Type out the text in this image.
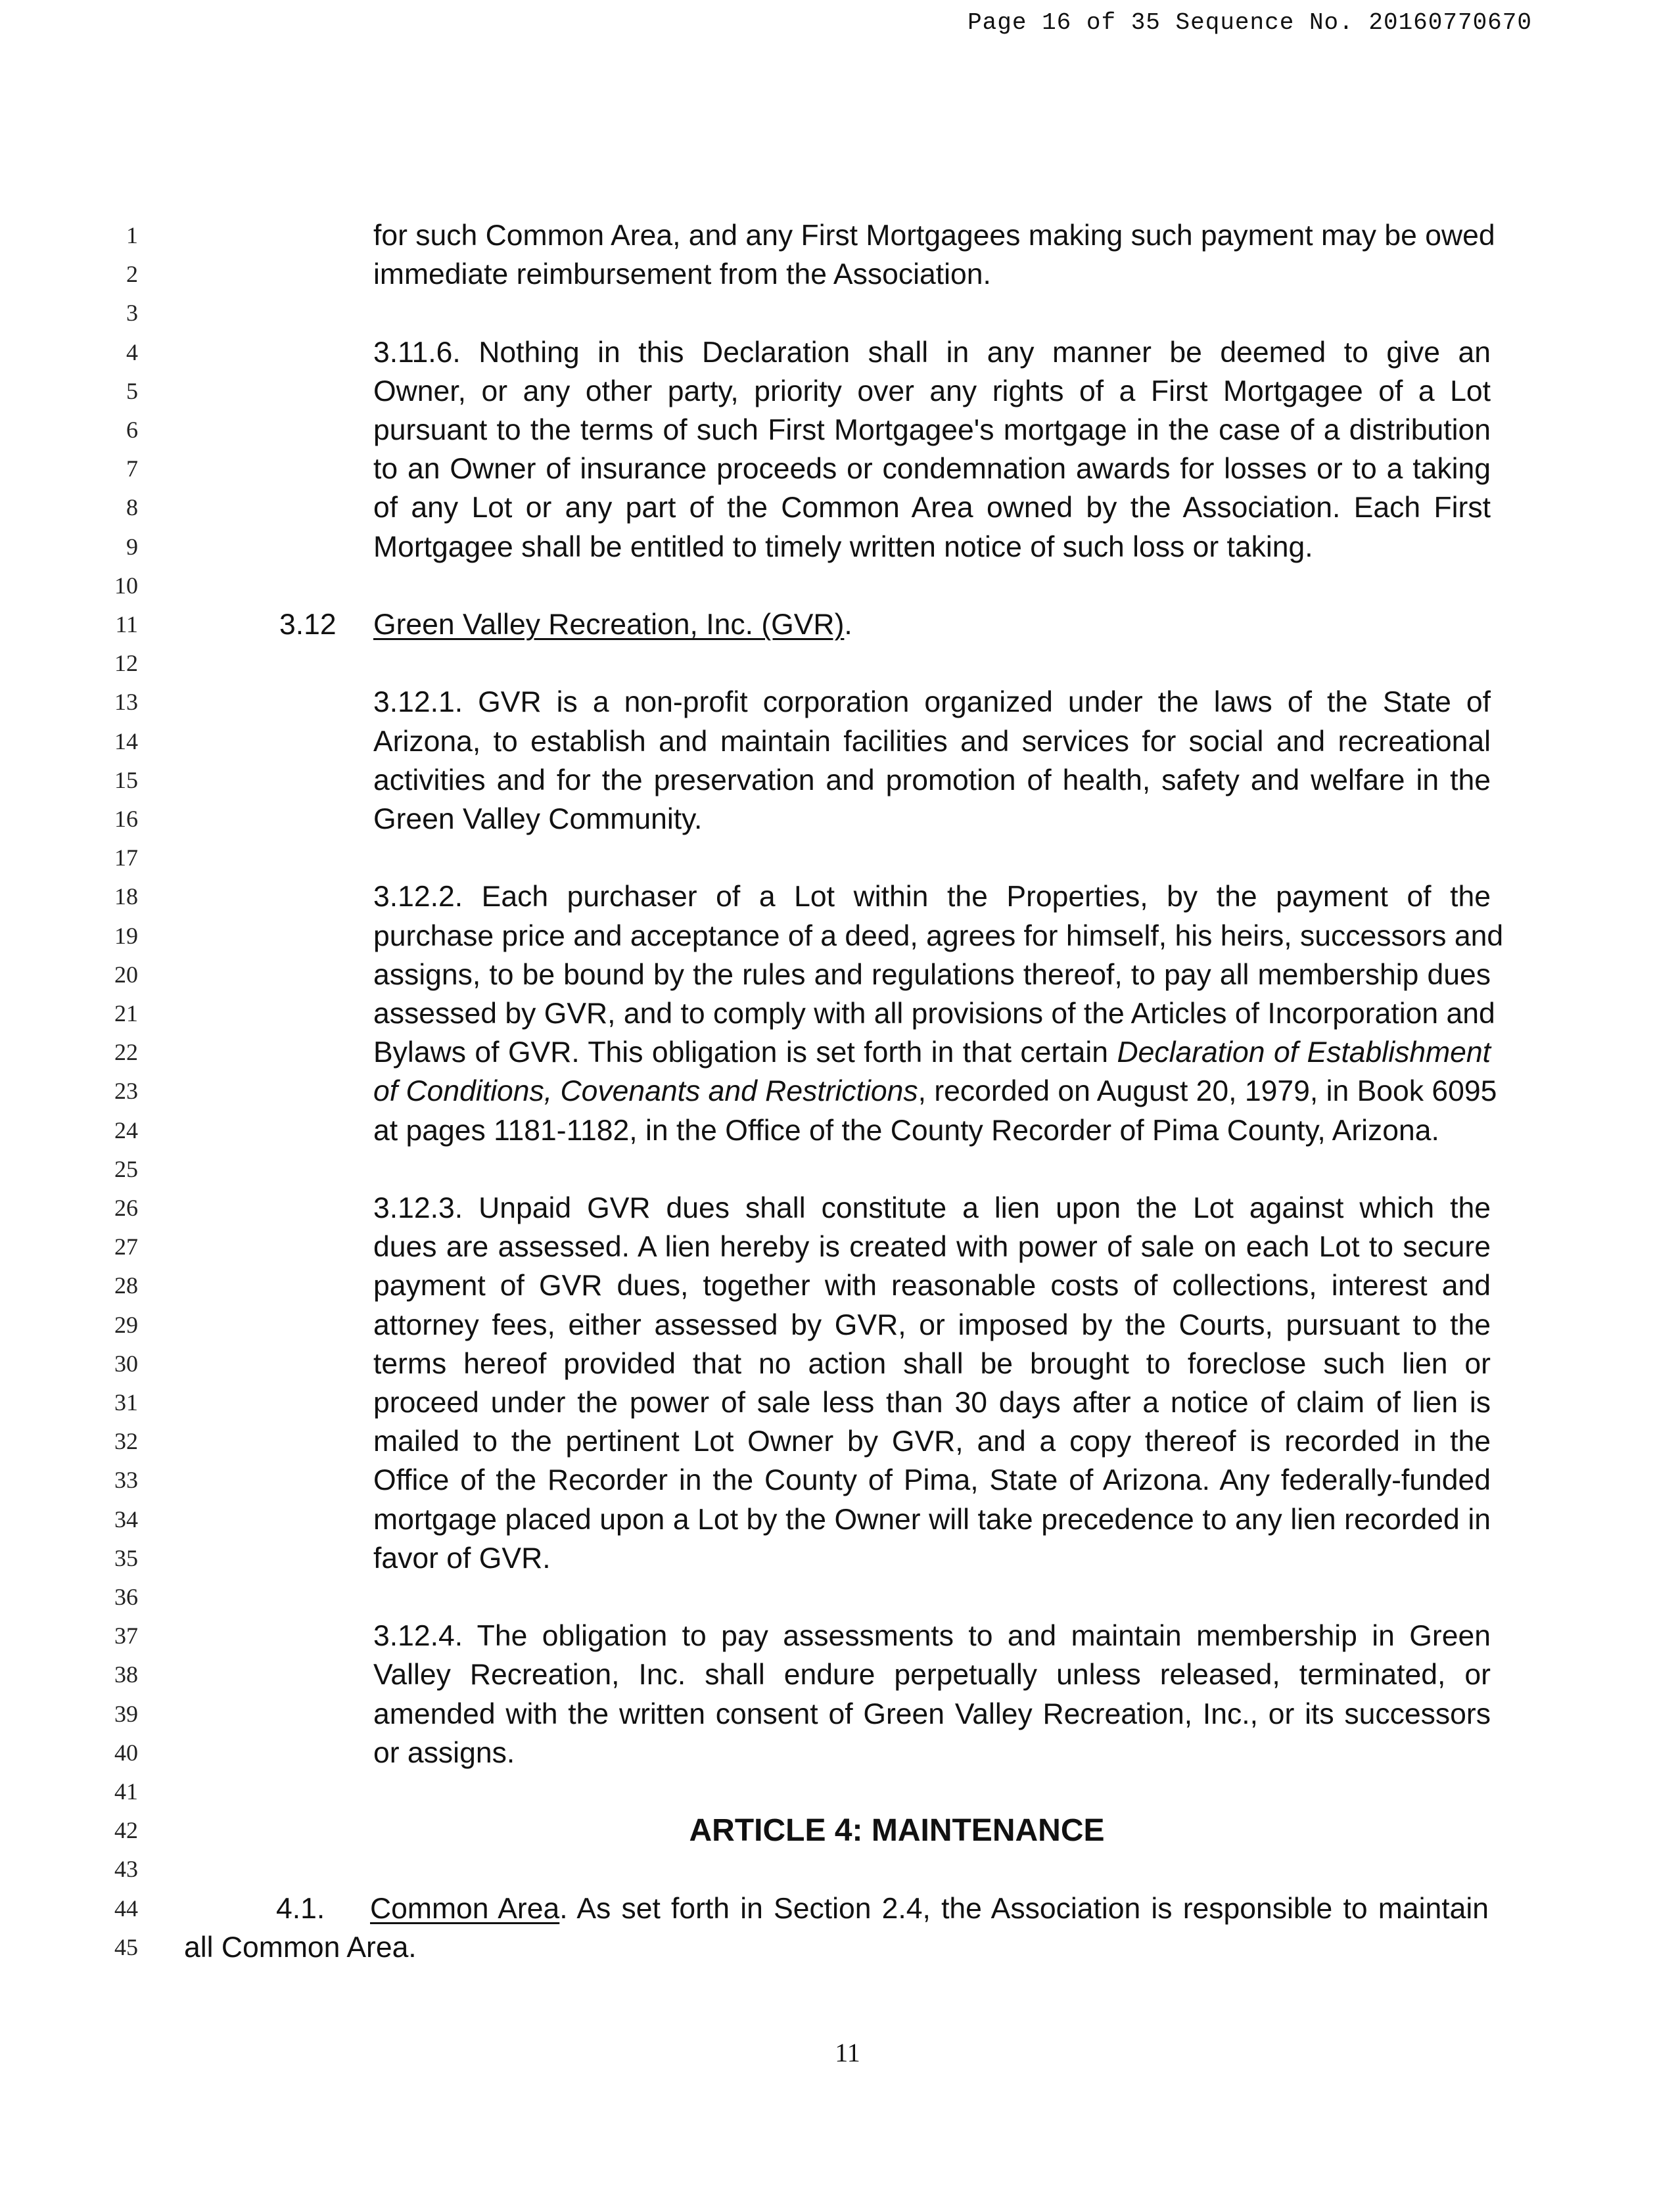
Page 16 of 35 Sequence No. 20160770670
1	for such Common Area, and any First Mortgagees making such payment may be owed
2	immediate reimbursement from the Association.
3
4	3.11.6. Nothing in this Declaration shall in any manner be deemed to give an
5	Owner, or any other party, priority over any rights of a First Mortgagee of a Lot
6	pursuant to the terms of such First Mortgagee's mortgage in the case of a distribution
7	to an Owner of insurance proceeds or condemnation awards for losses or to a taking
8	of any Lot or any part of the Common Area owned by the Association. Each First
9	Mortgagee shall be entitled to timely written notice of such loss or taking.
10
11	3.12 Green Valley Recreation, Inc. (GVR).
12
13	3.12.1. GVR is a non-profit corporation organized under the laws of the State of
14	Arizona, to establish and maintain facilities and services for social and recreational
15	activities and for the preservation and promotion of health, safety and welfare in the
16	Green Valley Community.
17
18	3.12.2. Each purchaser of a Lot within the Properties, by the payment of the
19	purchase price and acceptance of a deed, agrees for himself, his heirs, successors and
20	assigns, to be bound by the rules and regulations thereof, to pay all membership dues
21	assessed by GVR, and to comply with all provisions of the Articles of Incorporation and
22	Bylaws of GVR. This obligation is set forth in that certain Declaration of Establishment
23	of Conditions, Covenants and Restrictions, recorded on August 20, 1979, in Book 6095
24	at pages 1181-1182, in the Office of the County Recorder of Pima County, Arizona.
25
26	3.12.3. Unpaid GVR dues shall constitute a lien upon the Lot against which the
27	dues are assessed. A lien hereby is created with power of sale on each Lot to secure
28	payment of GVR dues, together with reasonable costs of collections, interest and
29	attorney fees, either assessed by GVR, or imposed by the Courts, pursuant to the
30	terms hereof provided that no action shall be brought to foreclose such lien or
31	proceed under the power of sale less than 30 days after a notice of claim of lien is
32	mailed to the pertinent Lot Owner by GVR, and a copy thereof is recorded in the
33	Office of the Recorder in the County of Pima, State of Arizona. Any federally-funded
34	mortgage placed upon a Lot by the Owner will take precedence to any lien recorded in
35	favor of GVR.
36
37	3.12.4. The obligation to pay assessments to and maintain membership in Green
38	Valley Recreation, Inc. shall endure perpetually unless released, terminated, or
39	amended with the written consent of Green Valley Recreation, Inc., or its successors
40	or assigns.
41
42	ARTICLE 4: MAINTENANCE
43
44	4.1. Common Area. As set forth in Section 2.4, the Association is responsible to maintain
45 all Common Area.
11
